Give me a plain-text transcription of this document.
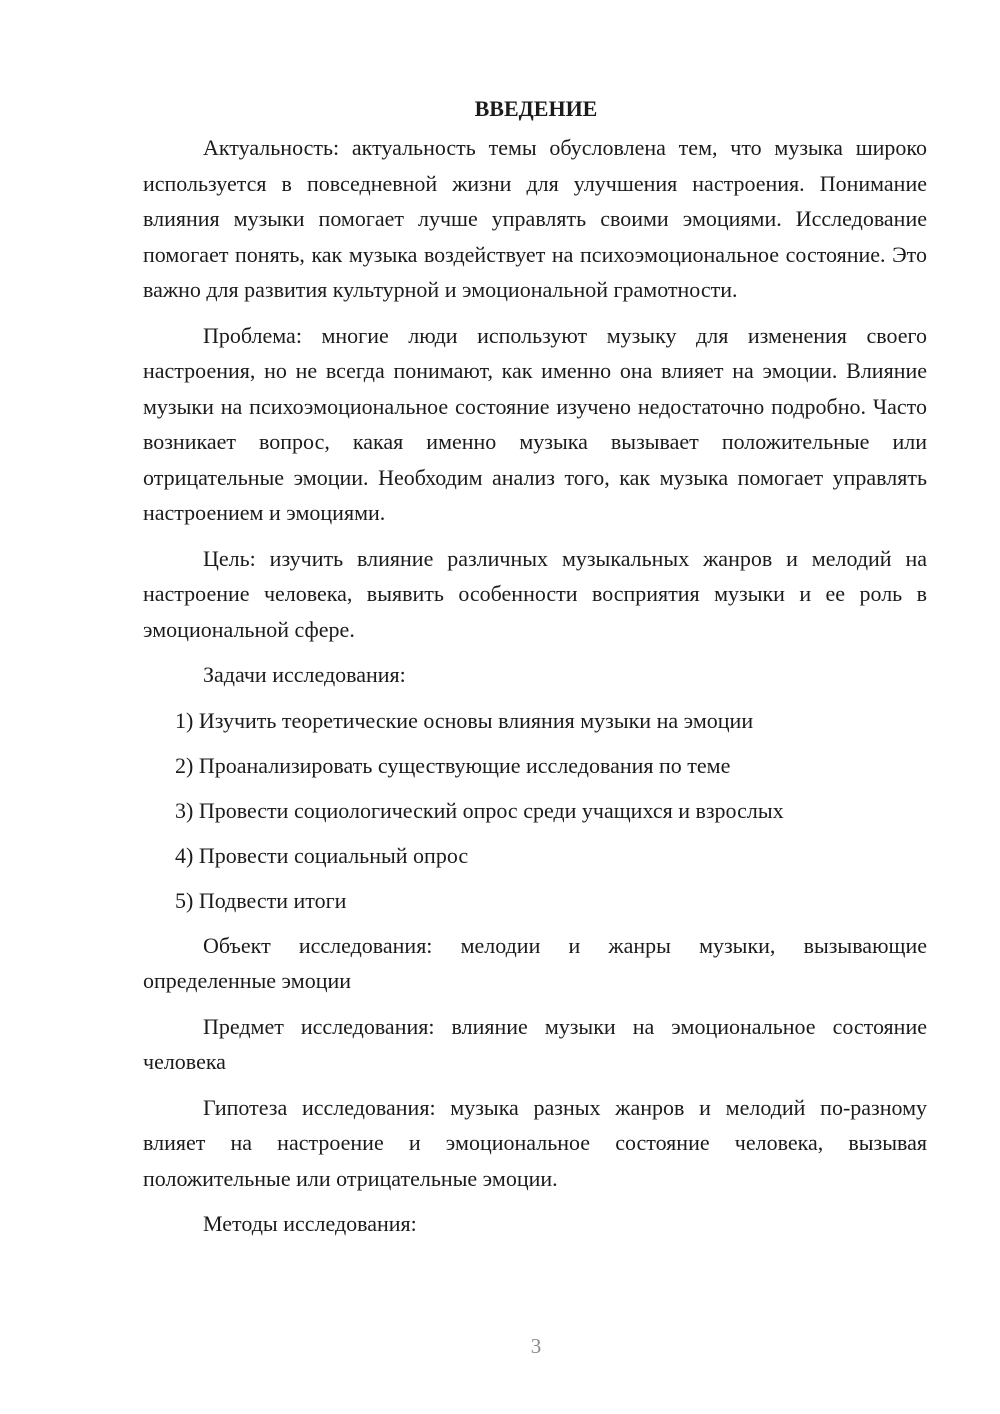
ВВЕДЕНИЕ

Актуальность: актуальность темы обусловлена тем, что музыка широко используется в повседневной жизни для улучшения настроения. Понимание влияния музыки помогает лучше управлять своими эмоциями. Исследование помогает понять, как музыка воздействует на психоэмоциональное состояние. Это важно для развития культурной и эмоциональной грамотности.

Проблема: многие люди используют музыку для изменения своего настроения, но не всегда понимают, как именно она влияет на эмоции. Влияние музыки на психоэмоциональное состояние изучено недостаточно подробно. Часто возникает вопрос, какая именно музыка вызывает положительные или отрицательные эмоции. Необходим анализ того, как музыка помогает управлять настроением и эмоциями.

Цель: изучить влияние различных музыкальных жанров и мелодий на настроение человека, выявить особенности восприятия музыки и ее роль в эмоциональной сфере.

Задачи исследования:

1) Изучить теоретические основы влияния музыки на эмоции
2) Проанализировать существующие исследования по теме
3) Провести социологический опрос среди учащихся и взрослых
4) Провести социальный опрос
5) Подвести итоги

Объект исследования: мелодии и жанры музыки, вызывающие определенные эмоции

Предмет исследования: влияние музыки на эмоциональное состояние человека

Гипотеза исследования: музыка разных жанров и мелодий по-разному влияет на настроение и эмоциональное состояние человека, вызывая положительные или отрицательные эмоции.

Методы исследования:

3
